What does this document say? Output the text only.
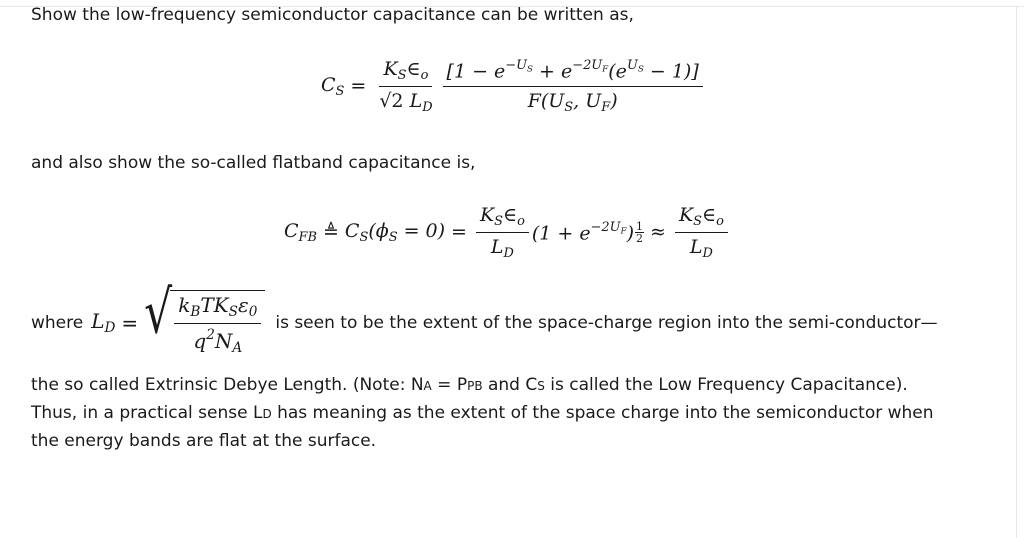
Show the low-frequency semiconductor capacitance can be written as,
$C_S = \frac{K_S\in_o}{√2 L_D} \frac{[1 - e^{-U_S} + e^{-2U_F}(e^{U_S} - 1)]}{F(U_S, U_F)}$
and also show the so-called flatband capacitance is,
$C_{FB}$ ≜ $C_S(\phi_S = 0) = \frac{K_S\in_o}{L_D} (1 + e^{-2U_F}) \frac{1}{2} \approx \frac{K_S\in_o}{L_D}$
where $L_D$ = √ $\frac{k_BTK_S\varepsilon_0}{q^2N_A}$ is seen to be the extent of the space-charge region into the semi-conductor—
the so called Extrinsic Debye Length. (Note: NA = PPB and CS is called the Low Frequency Capacitance).
Thus, in a practical sense LD has meaning as the extent of the space charge into the semiconductor when
the energy bands are flat at the surface.
